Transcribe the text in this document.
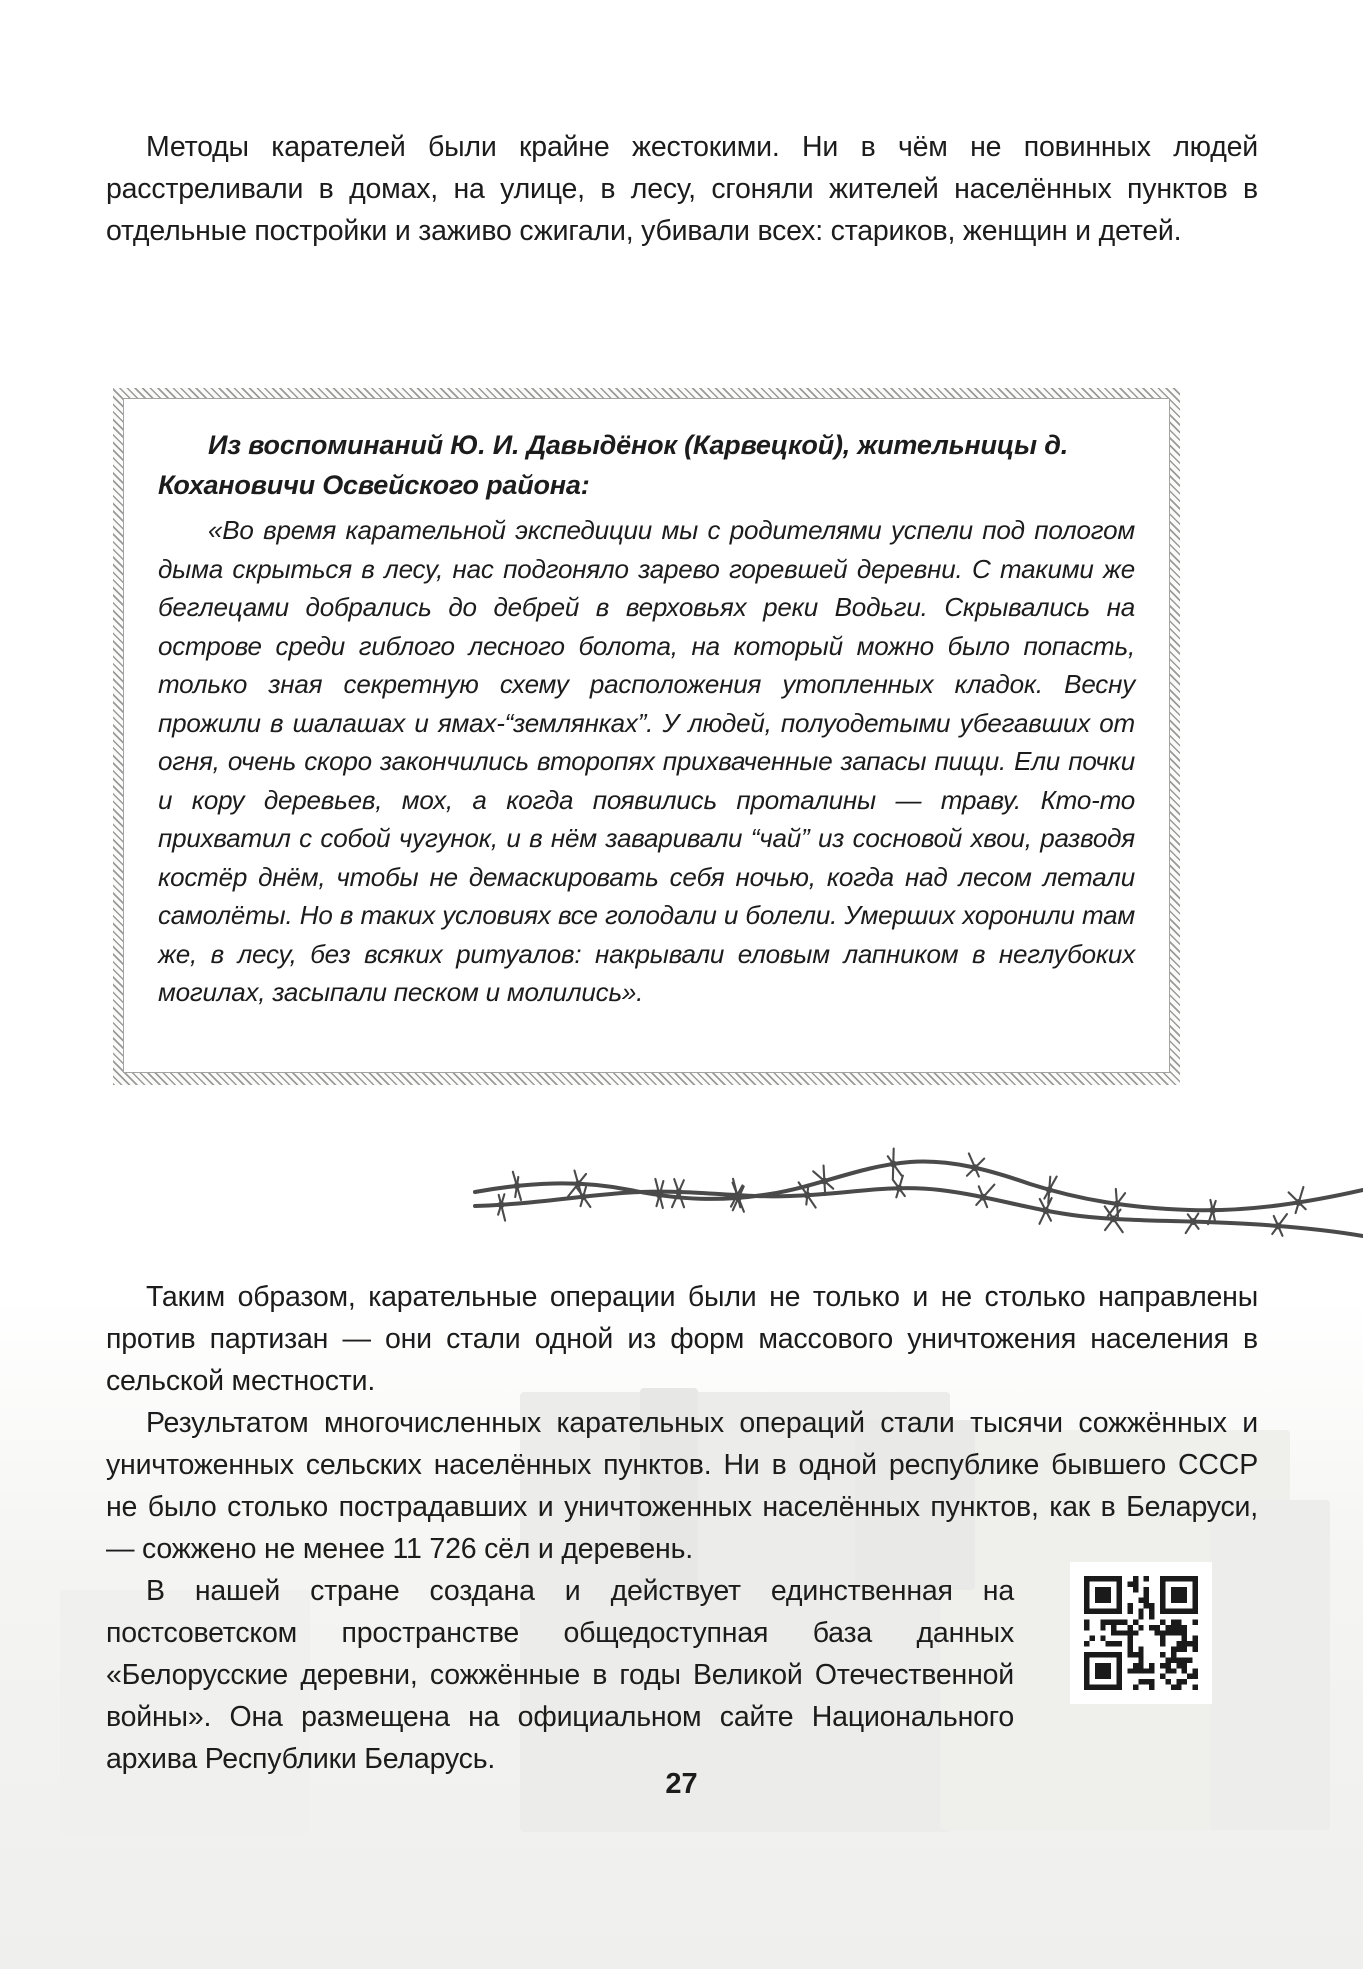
Методы карателей были крайне жестокими. Ни в чём не повинных людей расстреливали в домах, на улице, в лесу, сгоняли жителей населённых пунктов в отдельные постройки и заживо сжигали, убивали всех: стариков, женщин и детей.

Из воспоминаний Ю. И. Давыдёнок (Карвецкой), жительницы д. Кохановичи Освейского района:

«Во время карательной экспедиции мы с родителями успели под пологом дыма скрыться в лесу, нас подгоняло зарево горевшей деревни. С такими же беглецами добрались до дебрей в верховьях реки Водьги. Скрывались на острове среди гиблого лесного болота, на который можно было попасть, только зная секретную схему расположения утопленных кладок. Весну прожили в шалашах и ямах-“землянках”. У людей, полуодетыми убегавших от огня, очень скоро закончились второпях прихваченные запасы пищи. Ели почки и кору деревьев, мох, а когда появились проталины — траву. Кто-то прихватил с собой чугунок, и в нём заваривали “чай” из сосновой хвои, разводя костёр днём, чтобы не демаскировать себя ночью, когда над лесом летали самолёты. Но в таких условиях все голодали и болели. Умерших хоронили там же, в лесу, без всяких ритуалов: накрывали еловым лапником в неглубоких могилах, засыпали песком и молились».

Таким образом, карательные операции были не только и не столько направлены против партизан — они стали одной из форм массового уничтожения населения в сельской местности.

Результатом многочисленных карательных операций стали тысячи сожжённых и уничтоженных сельских населённых пунктов. Ни в одной республике бывшего СССР не было столько пострадавших и уничтоженных населённых пунктов, как в Беларуси, — сожжено не менее 11 726 сёл и деревень.

В нашей стране создана и действует единственная на постсоветском пространстве общедоступная база данных «Белорусские деревни, сожжённые в годы Великой Отечественной войны». Она размещена на официальном сайте Национального архива Республики Беларусь.

27
